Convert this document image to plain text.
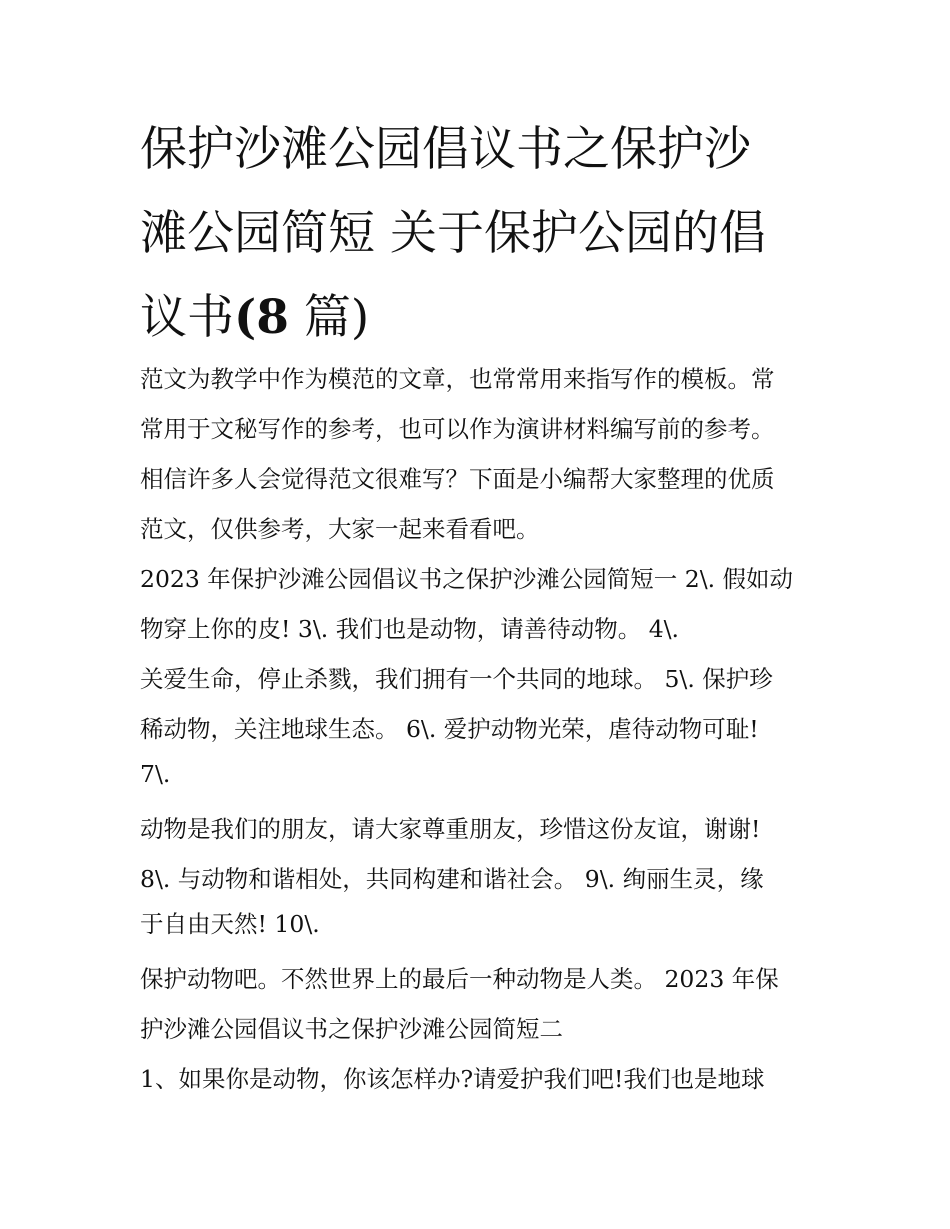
保护沙滩公园倡议书之保护沙
滩公园简短 关于保护公园的倡
议书(8 篇)
范文为教学中作为模范的文章，也常常用来指写作的模板。常
常用于文秘写作的参考，也可以作为演讲材料编写前的参考。
相信许多人会觉得范文很难写？下面是小编帮大家整理的优质
范文，仅供参考，大家一起来看看吧。
2023 年保护沙滩公园倡议书之保护沙滩公园简短一 2\. 假如动
物穿上你的皮! 3\. 我们也是动物，请善待动物。 4\.
关爱生命，停止杀戮，我们拥有一个共同的地球。 5\. 保护珍
稀动物，关注地球生态。 6\. 爱护动物光荣，虐待动物可耻!
7\.
动物是我们的朋友，请大家尊重朋友，珍惜这份友谊，谢谢!
8\. 与动物和谐相处，共同构建和谐社会。 9\. 绚丽生灵，缘
于自由天然! 10\.
保护动物吧。不然世界上的最后一种动物是人类。 2023 年保
护沙滩公园倡议书之保护沙滩公园简短二
1、如果你是动物，你该怎样办?请爱护我们吧!我们也是地球
